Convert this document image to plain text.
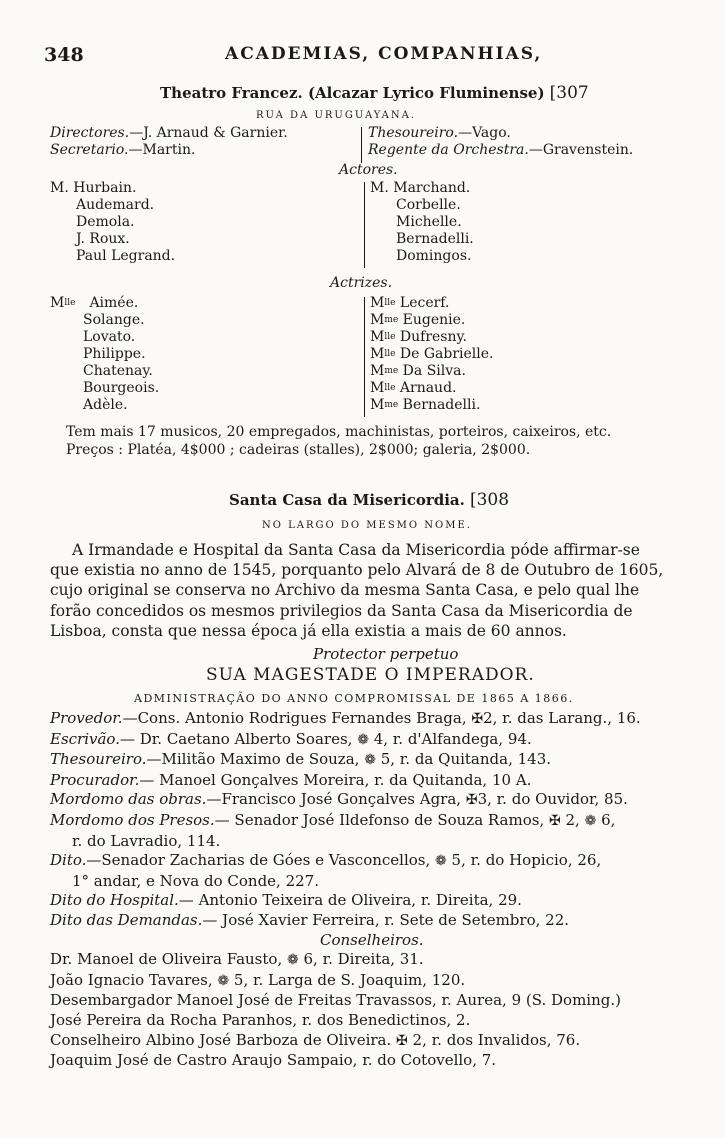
348	ACADEMIAS, COMPANHIAS,
Theatro Francez. (Alcazar Lyrico Fluminense) [307
RUA DA URUGUAYANA.
Directores.—J. Arnaud & Garnier.
Secretario.—Martin.
Thesoureiro.—Vago.
Regente da Orchestra.—Gravenstein.
Actores.
M. Hurbain.
Audemard.
Demola.
J. Roux.
Paul Legrand.
M. Marchand.
Corbelle.
Michelle.
Bernadelli.
Domingos.
Actrizes.
$M^{lle}$ Aimée.
Solange.
Lovato.
Philippe.
Chatenay.
Bourgeois.
Adèle.
$M^{lle}$ Lecerf.
$M^{me}$ Eugenie.
$M^{lle}$ Dufresny.
$M^{lle}$ De Gabrielle.
$M^{me}$ Da Silva.
$M^{lle}$ Arnaud.
$M^{me}$ Bernadelli.
Tem mais 17 musicos, 20 empregados, machinistas, porteiros, caixeiros, etc.
Preços : Platéa, 4$000 ; cadeiras (stalles), 2$000; galeria, 2$000.
Santa Casa da Misericordia. [308
NO LARGO DO MESMO NOME.
A Irmandade e Hospital da Santa Casa da Misericordia póde affirmar-se
que existia no anno de 1545, porquanto pelo Alvará de 8 de Outubro de 1605,
cujo original se conserva no Archivo da mesma Santa Casa, e pelo qual lhe
forão concedidos os mesmos privilegios da Santa Casa da Misericordia de
Lisboa, consta que nessa época já ella existia a mais de 60 annos.
Protector perpetuo
SUA MAGESTADE O IMPERADOR.
ADMINISTRAÇÃO DO ANNO COMPROMISSAL DE 1865 A 1866.
Provedor.—Cons. Antonio Rodrigues Fernandes Braga, ✠2, r. das Larang., 16.
Escrivão.— Dr. Caetano Alberto Soares, ❁ 4, r. d'Alfandega, 94.
Thesoureiro.—Militão Maximo de Souza, ❁ 5, r. da Quitanda, 143.
Procurador.— Manoel Gonçalves Moreira, r. da Quitanda, 10 A.
Mordomo das obras.—Francisco José Gonçalves Agra, ✠3, r. do Ouvidor, 85.
Mordomo dos Presos.— Senador José Ildefonso de Souza Ramos, ✠ 2, ❁ 6,
r. do Lavradio, 114.
Dito.—Senador Zacharias de Góes e Vasconcellos, ❁ 5, r. do Hopicio, 26,
1° andar, e Nova do Conde, 227.
Dito do Hospital.— Antonio Teixeira de Oliveira, r. Direita, 29.
Dito das Demandas.— José Xavier Ferreira, r. Sete de Setembro, 22.
Conselheiros.
Dr. Manoel de Oliveira Fausto, ❁ 6, r. Direita, 31.
João Ignacio Tavares, ❁ 5, r. Larga de S. Joaquim, 120.
Desembargador Manoel José de Freitas Travassos, r. Aurea, 9 (S. Doming.)
José Pereira da Rocha Paranhos, r. dos Benedictinos, 2.
Conselheiro Albino José Barboza de Oliveira. ✠ 2, r. dos Invalidos, 76.
Joaquim José de Castro Araujo Sampaio, r. do Cotovello, 7.
